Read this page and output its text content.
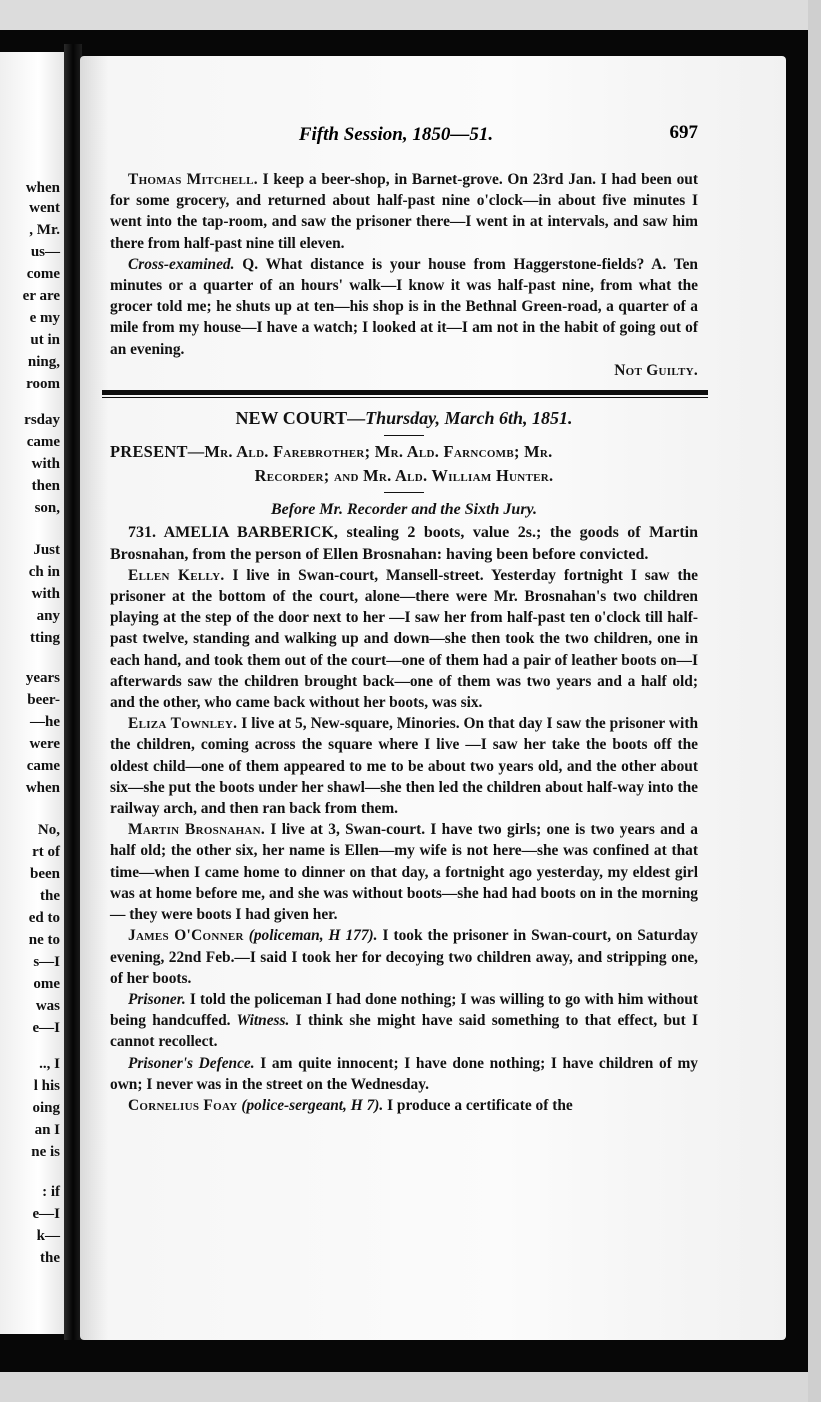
when
went
, Mr.
us—
come
er are
e my
ut in
ning,
room
rsday
came
with
then
son,
Just
ch in
with
any
tting
years
beer-
—he
were
came
when
No,
rt of
been
the
ed to
ne to
s—I
ome
was
e—I
.., I
l his
oing
an I
ne is
: if
e—I
k—
the
Fifth Session, 1850—51.	697

Thomas Mitchell. I keep a beer-shop, in Barnet-grove. On 23rd Jan. I had been out for some grocery, and returned about half-past nine o'clock—in about five minutes I went into the tap-room, and saw the prisoner there—I went in at intervals, and saw him there from half-past nine till eleven.

Cross-examined. Q. What distance is your house from Haggerstone-fields? A. Ten minutes or a quarter of an hours' walk—I know it was half-past nine, from what the grocer told me; he shuts up at ten—his shop is in the Bethnal Green-road, a quarter of a mile from my house—I have a watch; I looked at it—I am not in the habit of going out of an evening.

Not Guilty.

NEW COURT—Thursday, March 6th, 1851.
PRESENT—Mr. Ald. Farebrother; Mr. Ald. Farncomb; Mr.
Recorder; and Mr. Ald. William Hunter.
Before Mr. Recorder and the Sixth Jury.

731. AMELIA BARBERICK, stealing 2 boots, value 2s.; the goods of Martin Brosnahan, from the person of Ellen Brosnahan: having been before convicted.

Ellen Kelly. I live in Swan-court, Mansell-street. Yesterday fortnight I saw the prisoner at the bottom of the court, alone—there were Mr. Brosnahan's two children playing at the step of the door next to her —I saw her from half-past ten o'clock till half-past twelve, standing and walking up and down—she then took the two children, one in each hand, and took them out of the court—one of them had a pair of leather boots on—I afterwards saw the children brought back—one of them was two years and a half old; and the other, who came back without her boots, was six.

Eliza Townley. I live at 5, New-square, Minories. On that day I saw the prisoner with the children, coming across the square where I live —I saw her take the boots off the oldest child—one of them appeared to me to be about two years old, and the other about six—she put the boots under her shawl—she then led the children about half-way into the railway arch, and then ran back from them.

Martin Brosnahan. I live at 3, Swan-court. I have two girls; one is two years and a half old; the other six, her name is Ellen—my wife is not here—she was confined at that time—when I came home to dinner on that day, a fortnight ago yesterday, my eldest girl was at home before me, and she was without boots—she had had boots on in the morning— they were boots I had given her.

James O'Conner (policeman, H 177). I took the prisoner in Swan-court, on Saturday evening, 22nd Feb.—I said I took her for decoying two children away, and stripping one, of her boots.

Prisoner. I told the policeman I had done nothing; I was willing to go with him without being handcuffed. Witness. I think she might have said something to that effect, but I cannot recollect.

Prisoner's Defence. I am quite innocent; I have done nothing; I have children of my own; I never was in the street on the Wednesday.

Cornelius Foay (police-sergeant, H 7). I produce a certificate of the
